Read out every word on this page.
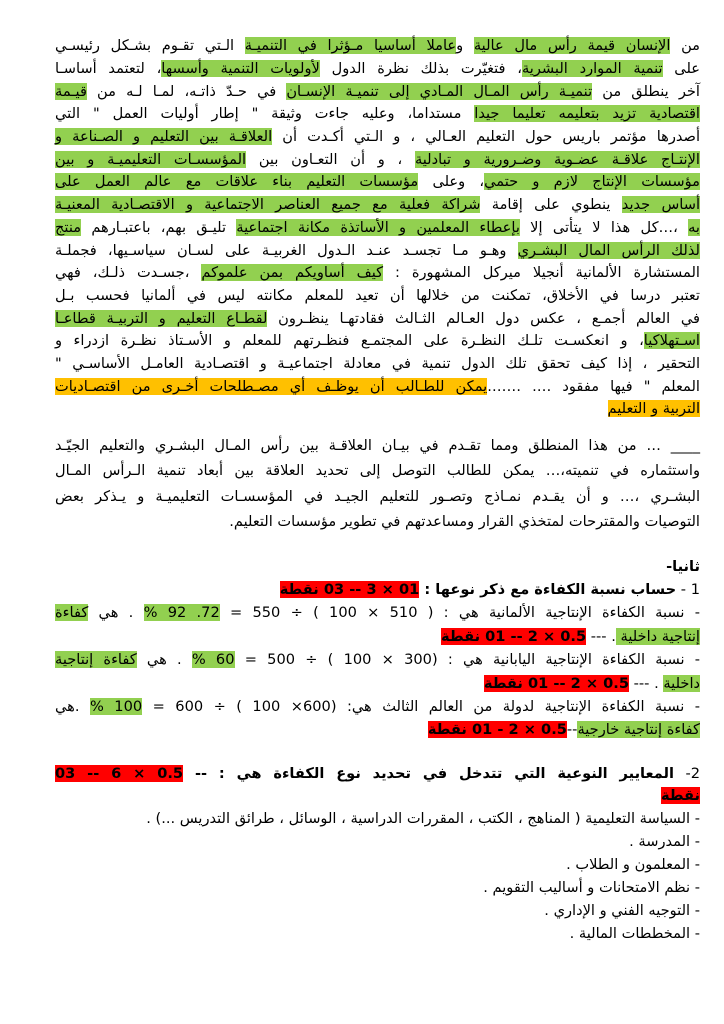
من الإنسان قيمة رأس مال عالية وعاملا أساسيا مـؤثرا في التنميـة الـتي تقـوم بشـكل رئيسـي
على تنمية الموارد البشرية، فتغيّرت بذلك نظرة الدول لأولويات التنمية وأسسها، لتعتمد أساسـا
آخر ينطلق من تنميـة رأس المـال المـادي إلى تنميـة الإنسـان في حـدّ ذاتـه، لمـا لـه من قيـمة
اقتصادية تزيد بتعليمه تعليما جيدا مستداما، وعليه جاءت وثيقة " إطار أوليات العمل " التي
أصدرها مؤتمر باريس حول التعليم العـالي ، و الـتي أكـدت أن العلاقـة بين التعليم و الصـناعة و
الإنتـاج علاقـة عضـوية وضـرورية و تبادلية ، و أن التعـاون بين المؤسسـات التعليميـة و بين
مؤسسات الإنتاج لازم و حتمي، وعلى مؤسسات التعليم بناء علاقات مع عالم العمل على
أساس جديد ينطوي على إقامة شراكة فعلية مع جميع العناصر الاجتماعية و الاقتصـادية المعنيـة
به ،…كل هذا لا يتأتى إلا بإعطاء المعلمين و الأساتذة مكانة اجتماعية تليـق بهم، باعتبـارهم منتج
لذلك الرأس المال البشـري وهـو مـا تجسـد عنـد الـدول الغربيـة على لسـان سياسـيها، فجملـة
المستشارة الألمانية أنجيلا ميركل المشهورة : كيف أساويكم بمن علموكم ،جسـدت ذلـك، فهي
تعتبر درسا في الأخلاق، تمكنت من خلالها أن تعيد للمعلم مكانته ليس في ألمانيا فحسب بـل
في العالم أجمـع ، عكس دول العـالم الثـالث فقادتهـا ينظـرون لقطـاع التعليم و التربيـة قطاعـا
اسـتهلاكيا، و انعكسـت تلـك النظـرة على المجتمـع فنظـرتهم للمعلم و الأسـتاذ نظـرة ازدراء و
التحقير ، إذا كيف تحقق تلك الدول تنمية في معادلة اجتماعيـة و اقتصـادية العامـل الأساسـي "
المعلم " فيها مفقود …. …….يمكن للطـالب أن يوظـف أي مصـطلحات أخـرى من اقتصـاديات
التربية و التعليم
____ … من هذا المنطلق ومما تقـدم في بيـان العلاقـة بين رأس المـال البشـري والتعليم الجيّـد
واستثماره في تنميته،… يمكن للطالب التوصل إلى تحديد العلاقة بين أبعاد تنمية الـرأس المـال
البشـري ،… و أن يقـدم نمـاذج وتصـور للتعليم الجيـد في المؤسسـات التعليميـة و يـذكر بعض
التوصيات والمقترحات لمتخذي القرار ومساعدتهم في تطوير مؤسسات التعليم.
ثانيا-
1 - حساب نسبة الكفاءة مع ذكر نوعها : 01 × 3 -- 03 نقطة
- نسبة الكفاءة الإنتاجية الألمانية هي : ( 510 × 100 ) ÷ 550 = 72. 92 % . هي كفاءة
إنتاجية داخلية . --- 0.5 × 2 -- 01 نقطة
- نسبة الكفاءة الإنتاجية اليابانية هي : (300 × 100 ) ÷ 500 = 60 % . هي كفاءة إنتاجية
داخلية . --- 0.5 × 2 -- 01 نقطة
- نسبة الكفاءة الإنتاجية لدولة من العالم الثالث هي: (600× 100 ) ÷ 600 = 100 % .هي
كفاءة إنتاجية خارجية--0.5 × 2 - 01 نقطة
2- المعايير النوعية التي تتدخل في تحديد نوع الكفاءة هي : -- 0.5 × 6 -- 03
نقطة
- السياسة التعليمية ( المناهج ، الكتب ، المقررات الدراسية ، الوسائل ، طرائق التدريس ...) .
- المدرسة .
- المعلمون و الطلاب .
- نظم الامتحانات و أساليب التقويم .
- التوجيه الفني و الإداري .
- المخططات المالية .
